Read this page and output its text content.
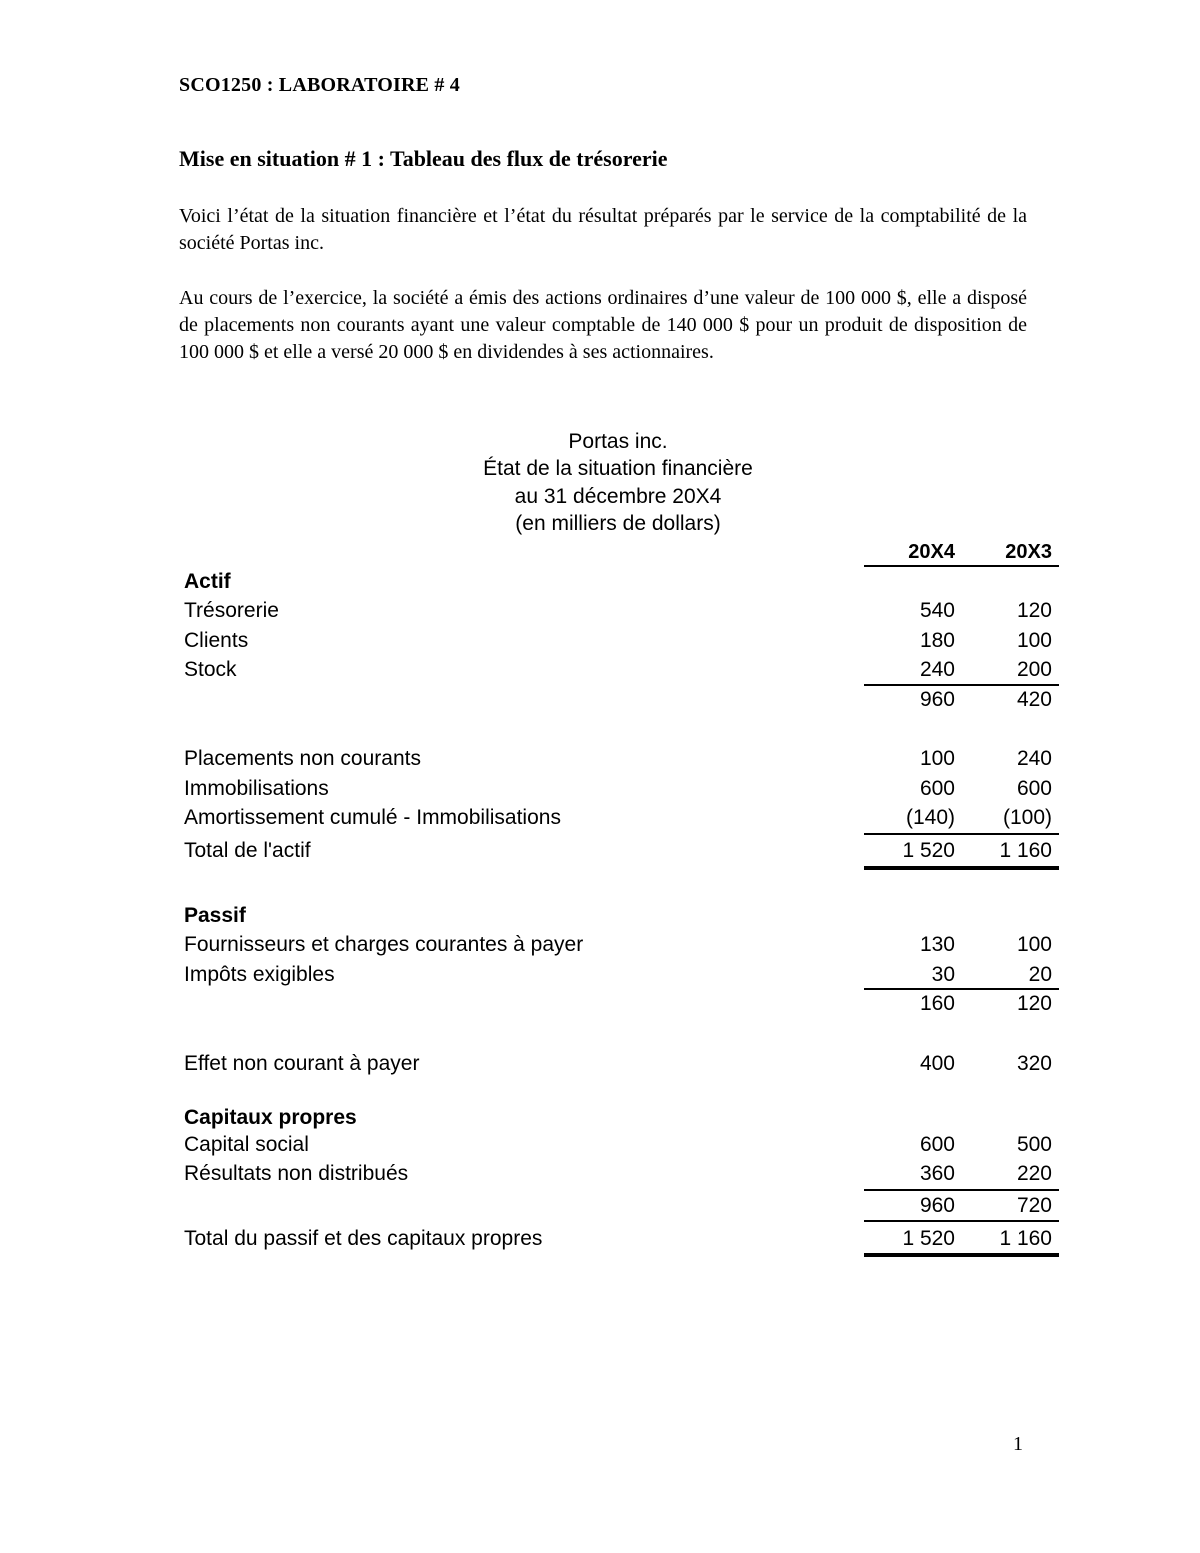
SCO1250 : LABORATOIRE # 4
Mise en situation # 1 : Tableau des flux de trésorerie

Voici l’état de la situation financière et l’état du résultat préparés par le service de la comptabilité de la société Portas inc.

Au cours de l’exercice, la société a émis des actions ordinaires d’une valeur de 100 000 $, elle a disposé de placements non courants ayant une valeur comptable de 140 000 $ pour un produit de disposition de 100 000 $ et elle a versé 20 000 $ en dividendes à ses actionnaires.

Portas inc.
État de la situation financière
au 31 décembre 20X4
(en milliers de dollars)
20X4	20X3
Actif
Trésorerie	540	120
Clients	180	100
Stock	240	200
960	420
Placements non courants	100	240
Immobilisations	600	600
Amortissement cumulé - Immobilisations	(140)	(100)
Total de l'actif	1 520	1 160
Passif
Fournisseurs et charges courantes à payer	130	100
Impôts exigibles	30	20
160	120
Effet non courant à payer	400	320
Capitaux propres
Capital social	600	500
Résultats non distribués	360	220
960	720
Total du passif et des capitaux propres	1 520	1 160
1
